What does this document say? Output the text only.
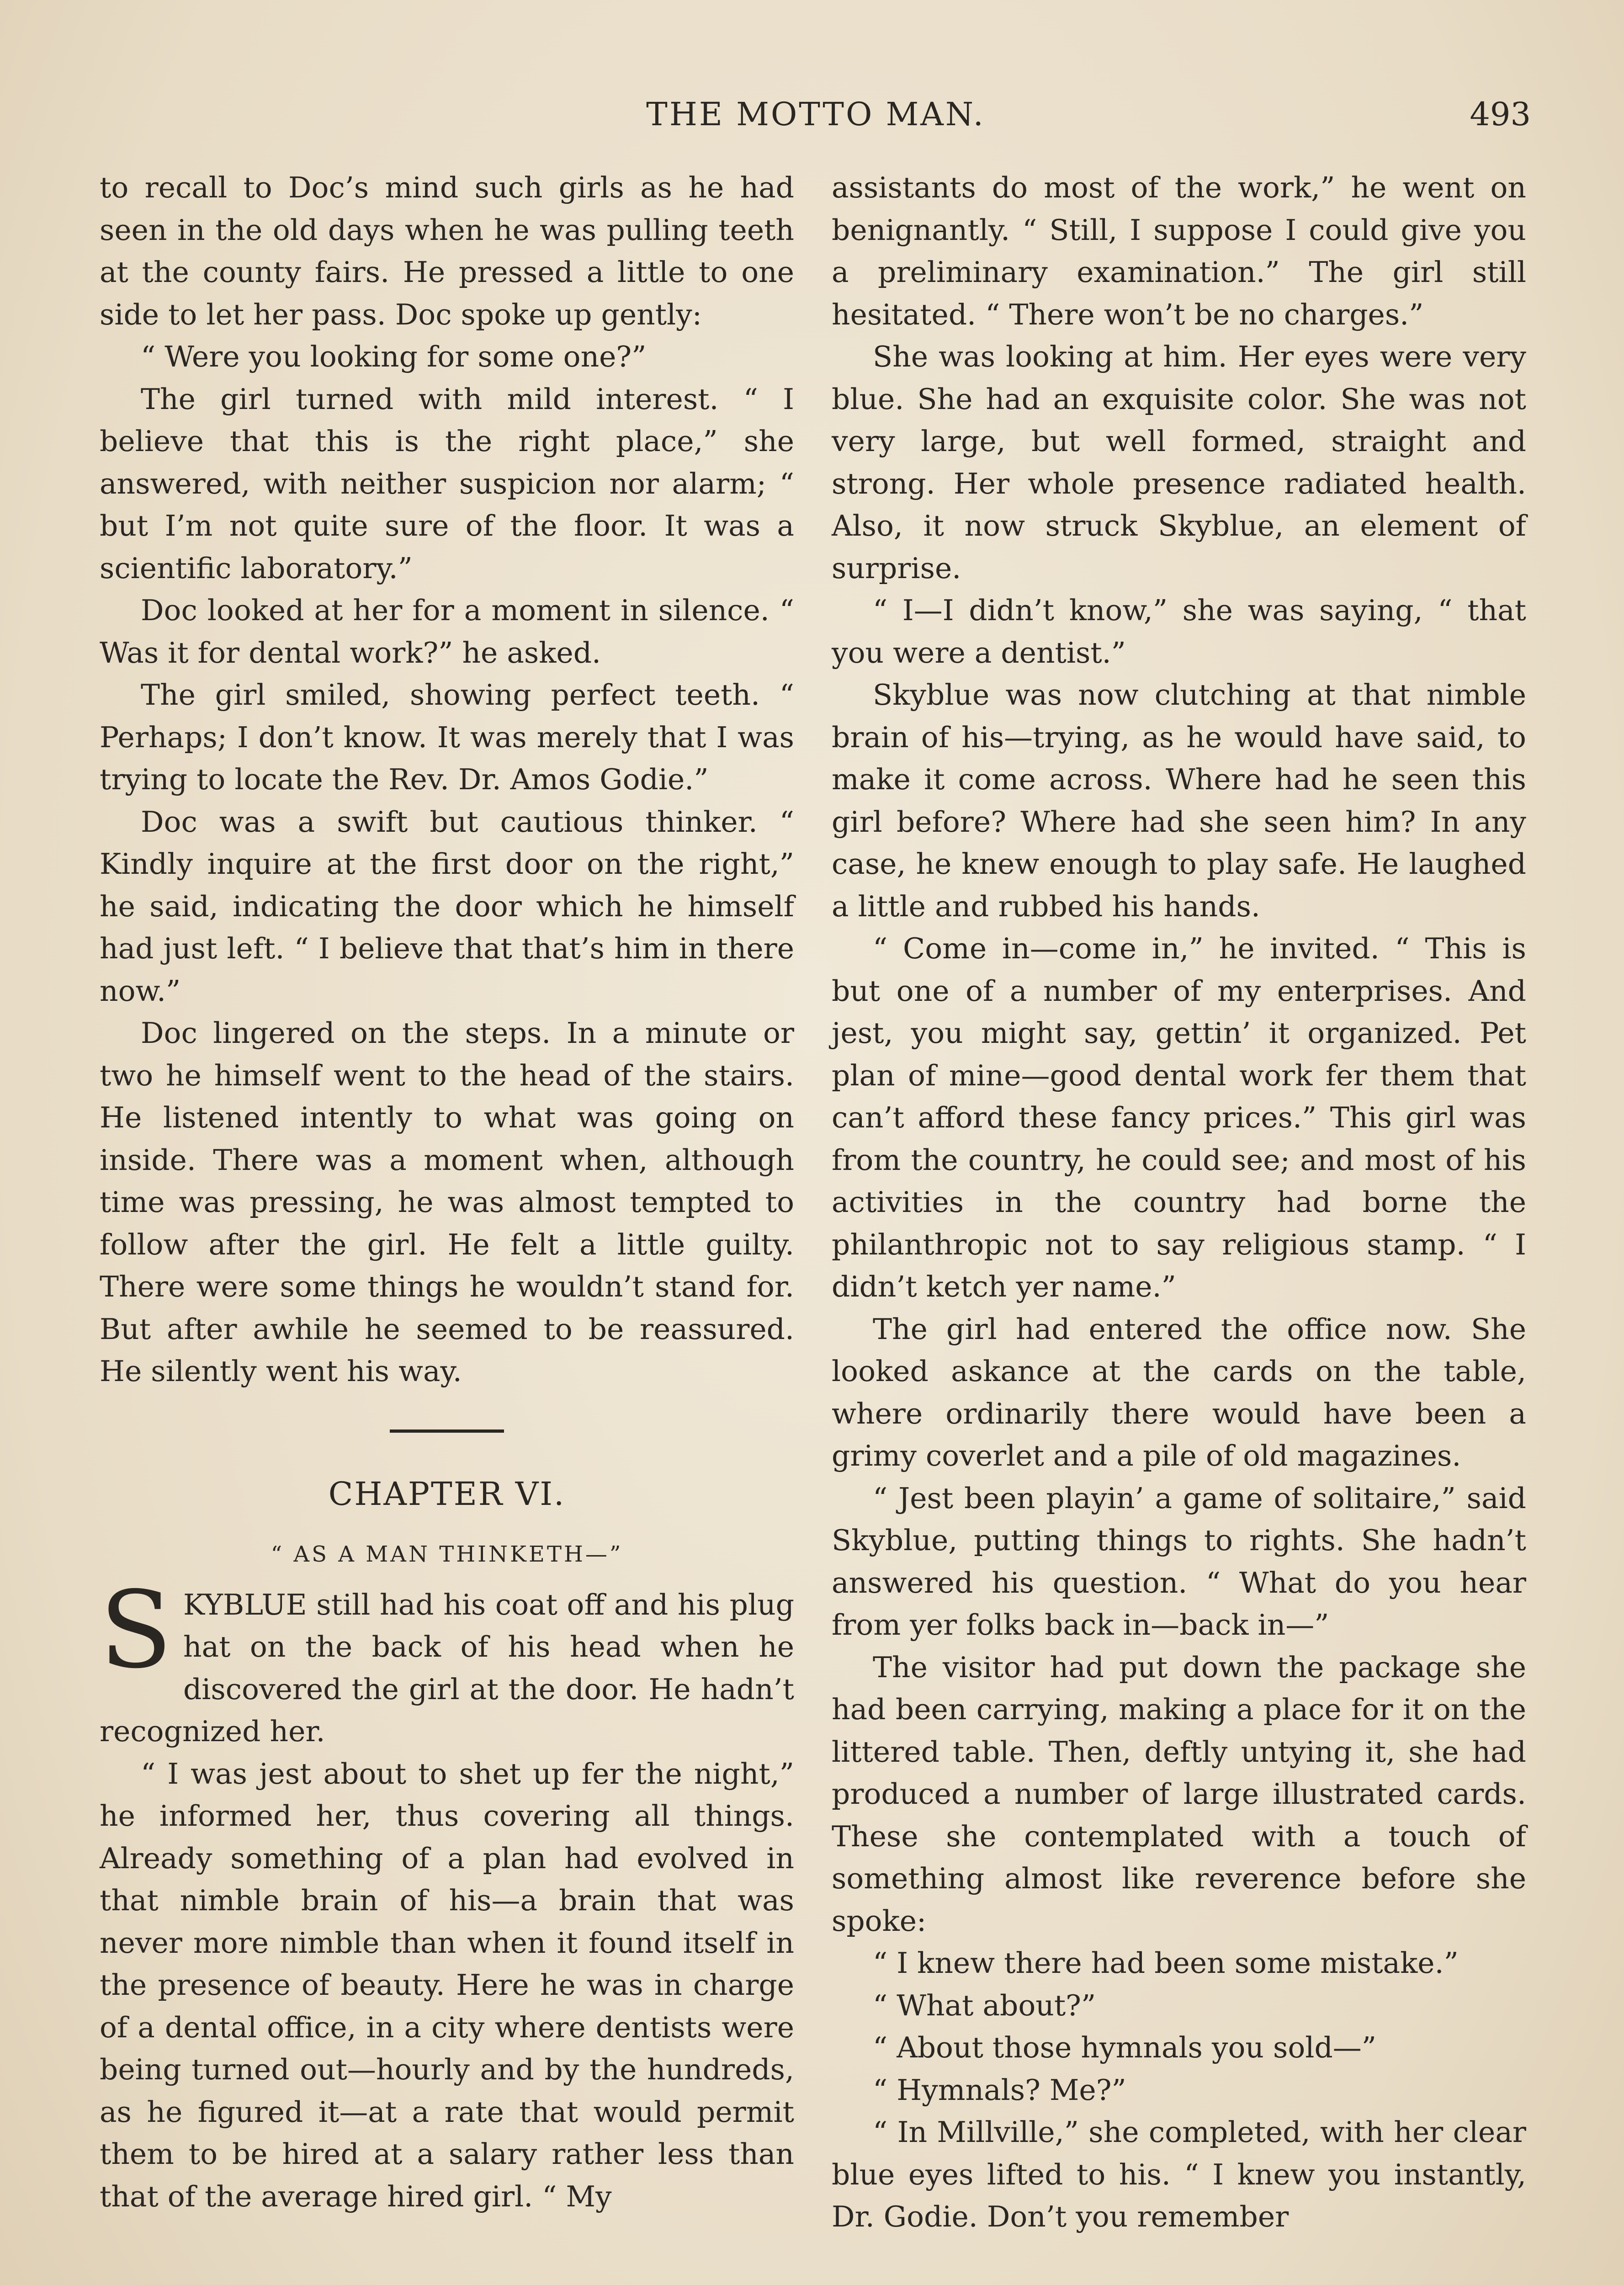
THE MOTTO MAN.	493

to recall to Doc’s mind such girls as he had seen in the old days when he was pulling teeth at the county fairs. He pressed a little to one side to let her pass. Doc spoke up gently:

“ Were you looking for some one?”

The girl turned with mild interest. “ I believe that this is the right place,” she answered, with neither suspicion nor alarm; “ but I’m not quite sure of the floor. It was a scientific laboratory.”

Doc looked at her for a moment in silence. “ Was it for dental work?” he asked.

The girl smiled, showing perfect teeth. “ Perhaps; I don’t know. It was merely that I was trying to locate the Rev. Dr. Amos Godie.”

Doc was a swift but cautious thinker. “ Kindly inquire at the first door on the right,” he said, indicating the door which he himself had just left. “ I believe that that’s him in there now.”

Doc lingered on the steps. In a minute or two he himself went to the head of the stairs. He listened intently to what was going on inside. There was a moment when, although time was pressing, he was almost tempted to follow after the girl. He felt a little guilty. There were some things he wouldn’t stand for. But after awhile he seemed to be reassured. He silently went his way.

CHAPTER VI.
“ AS A MAN THINKETH—”

SKYBLUE still had his coat off and his plug hat on the back of his head when he discovered the girl at the door. He hadn’t recognized her.

“ I was jest about to shet up fer the night,” he informed her, thus covering all things. Already something of a plan had evolved in that nimble brain of his—a brain that was never more nimble than when it found itself in the presence of beauty. Here he was in charge of a dental office, in a city where dentists were being turned out—hourly and by the hundreds, as he figured it—at a rate that would permit them to be hired at a salary rather less than that of the average hired girl. “ My

assistants do most of the work,” he went on benignantly. “ Still, I suppose I could give you a preliminary examination.” The girl still hesitated. “ There won’t be no charges.”

She was looking at him. Her eyes were very blue. She had an exquisite color. She was not very large, but well formed, straight and strong. Her whole presence radiated health. Also, it now struck Skyblue, an element of surprise.

“ I—I didn’t know,” she was saying, “ that you were a dentist.”

Skyblue was now clutching at that nimble brain of his—trying, as he would have said, to make it come across. Where had he seen this girl before? Where had she seen him? In any case, he knew enough to play safe. He laughed a little and rubbed his hands.

“ Come in—come in,” he invited. “ This is but one of a number of my enterprises. And jest, you might say, gettin’ it organized. Pet plan of mine—good dental work fer them that can’t afford these fancy prices.” This girl was from the country, he could see; and most of his activities in the country had borne the philanthropic not to say religious stamp. “ I didn’t ketch yer name.”

The girl had entered the office now. She looked askance at the cards on the table, where ordinarily there would have been a grimy coverlet and a pile of old magazines.

“ Jest been playin’ a game of solitaire,” said Skyblue, putting things to rights. She hadn’t answered his question. “ What do you hear from yer folks back in—back in—”

The visitor had put down the package she had been carrying, making a place for it on the littered table. Then, deftly untying it, she had produced a number of large illustrated cards. These she contemplated with a touch of something almost like reverence before she spoke:

“ I knew there had been some mistake.”

“ What about?”

“ About those hymnals you sold—”

“ Hymnals? Me?”

“ In Millville,” she completed, with her clear blue eyes lifted to his. “ I knew you instantly, Dr. Godie. Don’t you remember
